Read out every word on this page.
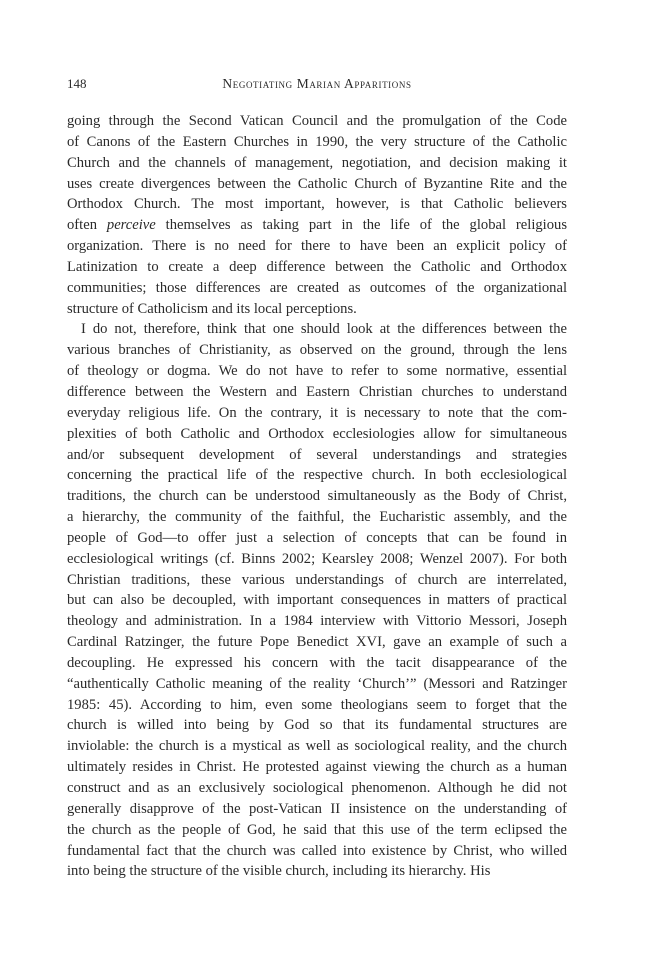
148	Negotiating Marian Apparitions

going through the Second Vatican Council and the promulgation of the Code

of Canons of the Eastern Churches in 1990, the very structure of the Catholic

Church and the channels of management, negotiation, and decision making it

uses create divergences between the Catholic Church of Byzantine Rite and the

Orthodox Church. The most important, however, is that Catholic believers

often perceive themselves as taking part in the life of the global religious

organization. There is no need for there to have been an explicit policy of

Latinization to create a deep difference between the Catholic and Orthodox

communities; those differences are created as outcomes of the organizational

structure of Catholicism and its local perceptions.

I do not, therefore, think that one should look at the differences between the

various branches of Christianity, as observed on the ground, through the lens

of theology or dogma. We do not have to refer to some normative, essential

difference between the Western and Eastern Christian churches to understand

everyday religious life. On the contrary, it is necessary to note that the com-

plexities of both Catholic and Orthodox ecclesiologies allow for simultaneous

and/or subsequent development of several understandings and strategies

concerning the practical life of the respective church. In both ecclesiological

traditions, the church can be understood simultaneously as the Body of Christ,

a hierarchy, the community of the faithful, the Eucharistic assembly, and the

people of God—to offer just a selection of concepts that can be found in

ecclesiological writings (cf. Binns 2002; Kearsley 2008; Wenzel 2007). For both

Christian traditions, these various understandings of church are interrelated,

but can also be decoupled, with important consequences in matters of practical

theology and administration. In a 1984 interview with Vittorio Messori, Joseph

Cardinal Ratzinger, the future Pope Benedict XVI, gave an example of such a

decoupling. He expressed his concern with the tacit disappearance of the

“authentically Catholic meaning of the reality ‘Church’” (Messori and Ratzinger

1985: 45). According to him, even some theologians seem to forget that the

church is willed into being by God so that its fundamental structures are

inviolable: the church is a mystical as well as sociological reality, and the church

ultimately resides in Christ. He protested against viewing the church as a human

construct and as an exclusively sociological phenomenon. Although he did not

generally disapprove of the post-Vatican II insistence on the understanding of

the church as the people of God, he said that this use of the term eclipsed the

fundamental fact that the church was called into existence by Christ, who willed

into being the structure of the visible church, including its hierarchy. His
